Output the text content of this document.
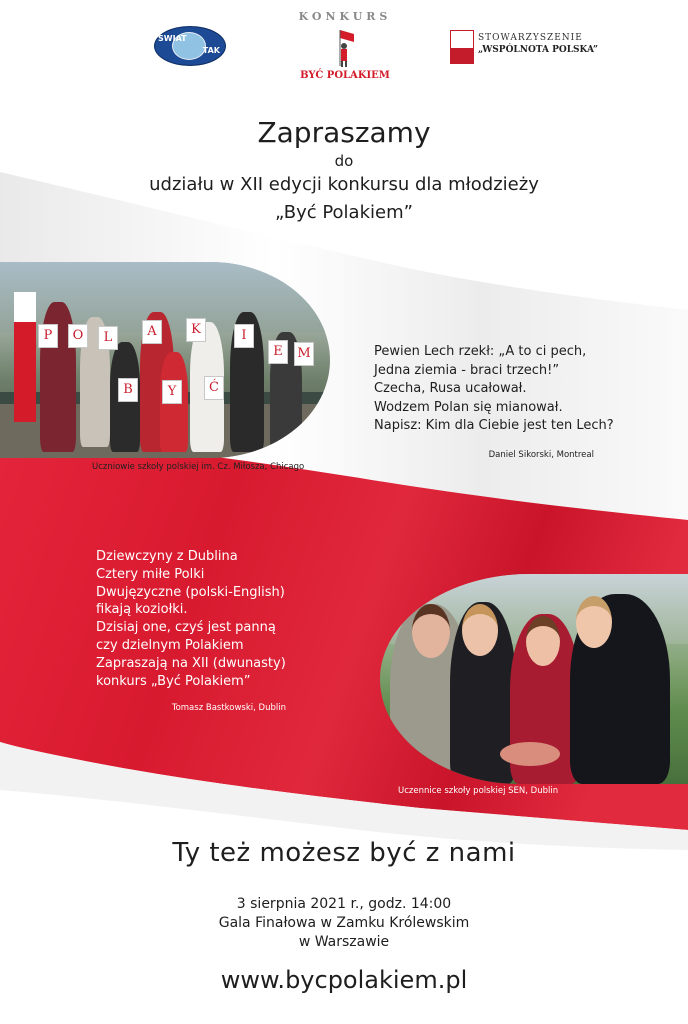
ŚWIAT
TAK
KONKURS
BYĆ POLAKIEM
STOWARZYSZENIE
„WSPÓLNOTA POLSKA”
Zapraszamy
do
udziału w XII edycji konkursu dla młodzieży
„Być Polakiem”
P	O	L	A	K	I
E	M
B	Y	Ć
Uczniowie szkoły polskiej im. Cz. Miłosza, Chicago
Pewien Lech rzekł: „A to ci pech,
Jedna ziemia - braci trzech!”
Czecha, Rusa ucałował.
Wodzem Polan się mianował.
Napisz: Kim dla Ciebie jest ten Lech?
Daniel Sikorski, Montreal
Dziewczyny z Dublina
Cztery miłe Polki
Dwujęzyczne (polski-English)
fikają koziołki.
Dzisiaj one, czyś jest panną
czy dzielnym Polakiem
Zapraszają na XII (dwunasty)
konkurs „Być Polakiem”
Tomasz Bastkowski, Dublin
Uczennice szkoły polskiej SEN, Dublin
Ty też możesz być z nami
3 sierpnia 2021 r., godz. 14:00
Gala Finałowa w Zamku Królewskim
w Warszawie
www.bycpolakiem.pl
